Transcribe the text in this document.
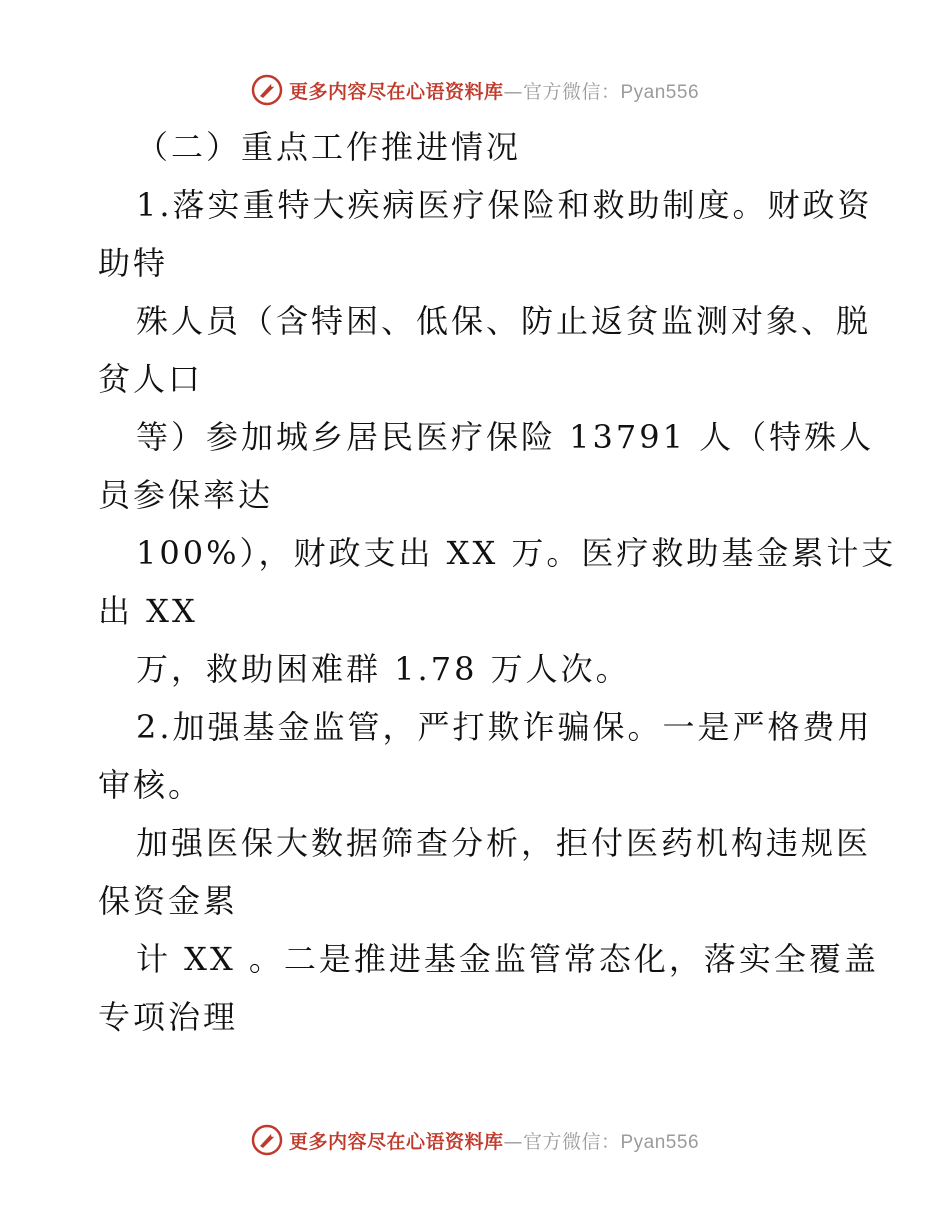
更多内容尽在心语资料库—官方微信：Pyan556
（二）重点工作推进情况
1.落实重特大疾病医疗保险和救助制度。财政资
助特
殊人员（含特困、低保、防止返贫监测对象、脱
贫人口
等）参加城乡居民医疗保险 13791 人（特殊人
员参保率达
100%），财政支出 XX 万。医疗救助基金累计支
出 XX
万，救助困难群 1.78 万人次。
2.加强基金监管，严打欺诈骗保。一是严格费用
审核。
加强医保大数据筛查分析，拒付医药机构违规医
保资金累
计 XX 。二是推进基金监管常态化，落实全覆盖
专项治理
更多内容尽在心语资料库—官方微信：Pyan556
